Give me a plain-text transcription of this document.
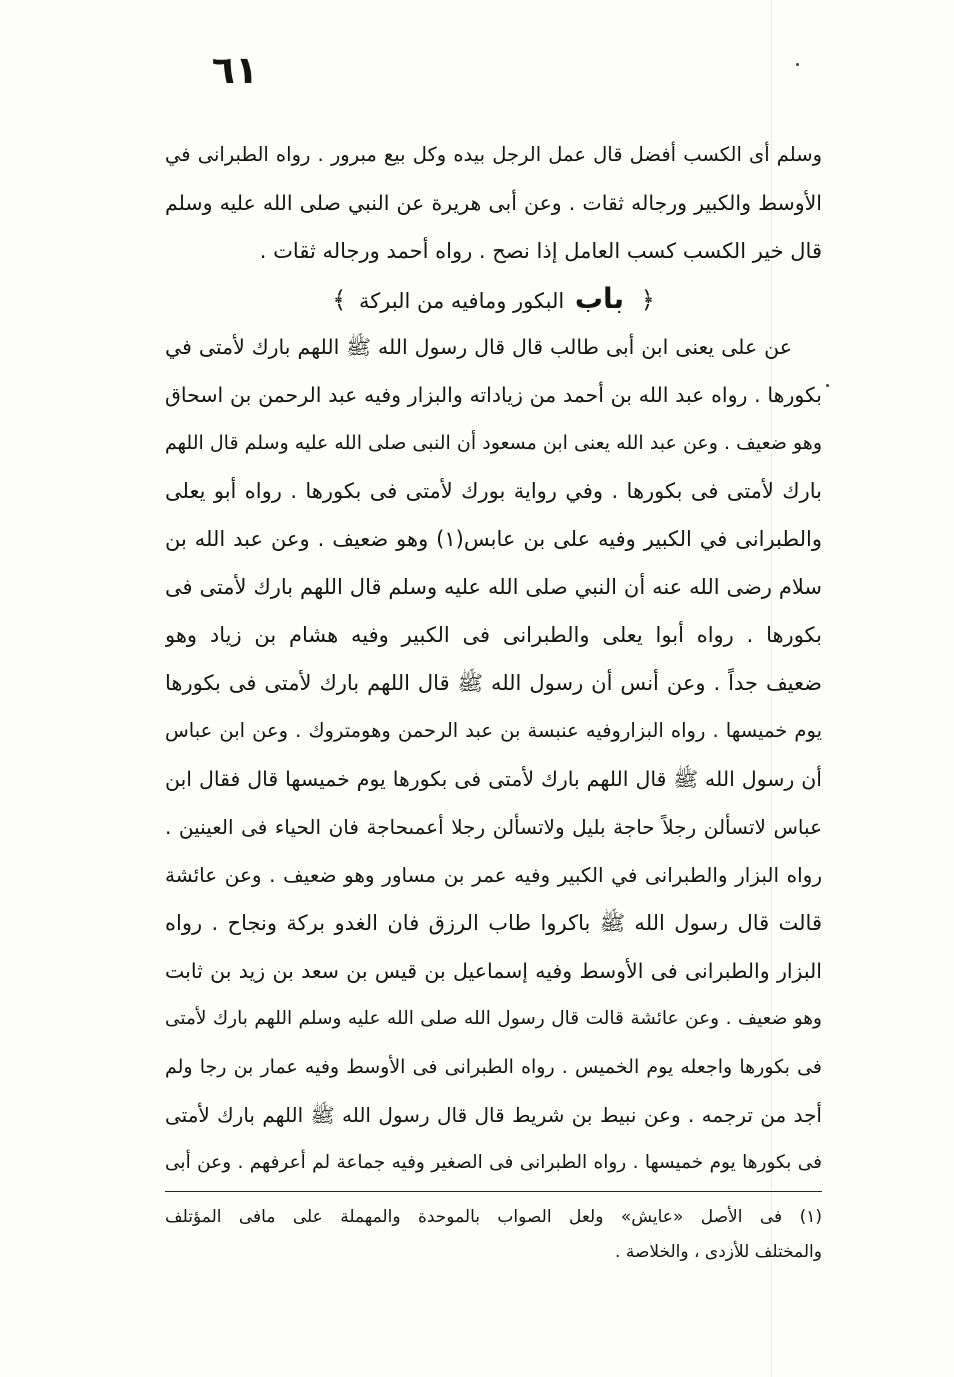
٦١
وسلم أى الكسب أفضل قال عمل الرجل بيده وكل بيع مبرور . رواه الطبرانى في
الأوسط والكبير ورجاله ثقات . وعن أبى هريرة عن النبي صلى الله عليه وسلم
قال خير الكسب كسب العامل إذا نصح . رواه أحمد ورجاله ثقات .
﴿ باب البكور ومافيه من البركة ﴾
عن على يعنى ابن أبى طالب قال قال رسول الله ﷺ اللهم بارك لأمتى في
بكورها . رواه عبد الله بن أحمد من زياداته والبزار وفيه عبد الرحمن بن اسحاق
وهو ضعيف . وعن عبد الله يعنى ابن مسعود أن النبى صلى الله عليه وسلم قال اللهم
بارك لأمتى فى بكورها . وفي رواية بورك لأمتى فى بكورها . رواه أبو يعلى
والطبرانى في الكبير وفيه على بن عابس(١) وهو ضعيف . وعن عبد الله بن
سلام رضى الله عنه أن النبي صلى الله عليه وسلم قال اللهم بارك لأمتى فى
بكورها . رواه أبوا يعلى والطبرانى فى الكبير وفيه هشام بن زياد وهو
ضعيف جداً . وعن أنس أن رسول الله ﷺ قال اللهم بارك لأمتى فى بكورها
يوم خميسها . رواه البزاروفيه عنبسة بن عبد الرحمن وهومتروك . وعن ابن عباس
أن رسول الله ﷺ قال اللهم بارك لأمتى فى بكورها يوم خميسها قال فقال ابن
عباس لاتسألن رجلاً حاجة بليل ولاتسألن رجلا أعمىحاجة فان الحياء فى العينين .
رواه البزار والطبرانى في الكبير وفيه عمر بن مساور وهو ضعيف . وعن عائشة
قالت قال رسول الله ﷺ باكروا طاب الرزق فان الغدو بركة ونجاح . رواه
البزار والطبرانى فى الأوسط وفيه إسماعيل بن قيس بن سعد بن زيد بن ثابت
وهو ضعيف . وعن عائشة قالت قال رسول الله صلى الله عليه وسلم اللهم بارك لأمتى
فى بكورها واجعله يوم الخميس . رواه الطبرانى فى الأوسط وفيه عمار بن رجا ولم
أجد من ترجمه . وعن نبيط بن شريط قال قال رسول الله ﷺ اللهم بارك لأمتى
فى بكورها يوم خميسها . رواه الطبرانى فى الصغير وفيه جماعة لم أعرفهم . وعن أبى
(١) فى الأصل «عايش» ولعل الصواب بالموحدة والمهملة على مافى المؤتلف
والمختلف للأزدى ، والخلاصة .
